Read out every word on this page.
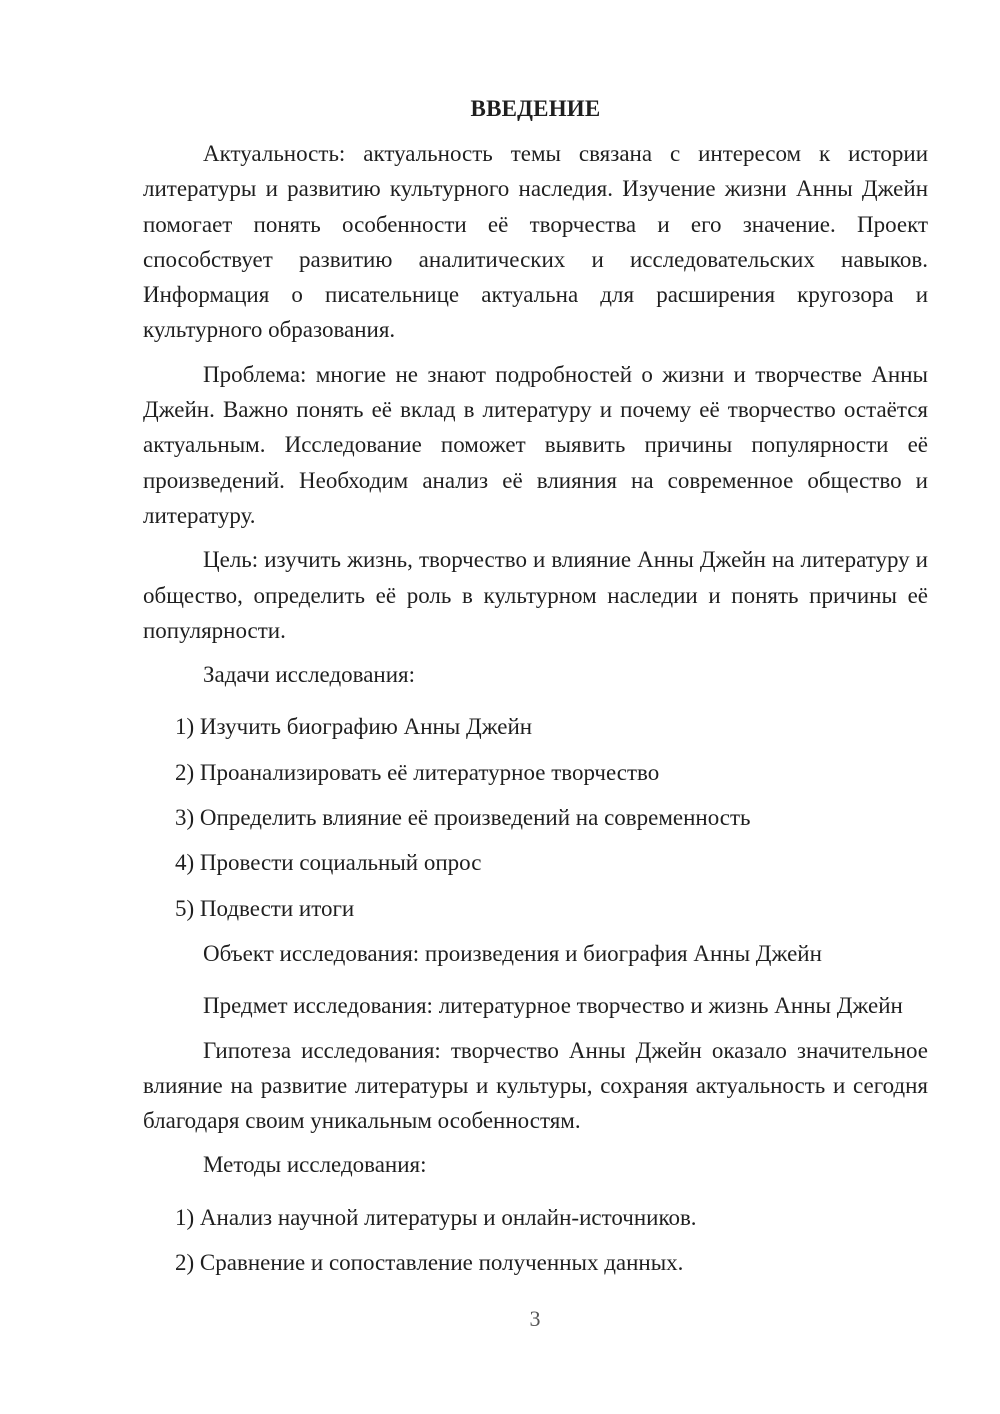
ВВЕДЕНИЕ

Актуальность: актуальность темы связана с интересом к истории литературы и развитию культурного наследия. Изучение жизни Анны Джейн помогает понять особенности её творчества и его значение. Проект способствует развитию аналитических и исследовательских навыков. Информация о писательнице актуальна для расширения кругозора и культурного образования.

Проблема: многие не знают подробностей о жизни и творчестве Анны Джейн. Важно понять её вклад в литературу и почему её творчество остаётся актуальным. Исследование поможет выявить причины популярности её произведений. Необходим анализ её влияния на современное общество и литературу.

Цель: изучить жизнь, творчество и влияние Анны Джейн на литературу и общество, определить её роль в культурном наследии и понять причины её популярности.

Задачи исследования:

1) Изучить биографию Анны Джейн
2) Проанализировать её литературное творчество
3) Определить влияние её произведений на современность
4) Провести социальный опрос
5) Подвести итоги

Объект исследования: произведения и биография Анны Джейн

Предмет исследования: литературное творчество и жизнь Анны Джейн

Гипотеза исследования: творчество Анны Джейн оказало значительное влияние на развитие литературы и культуры, сохраняя актуальность и сегодня благодаря своим уникальным особенностям.

Методы исследования:

1) Анализ научной литературы и онлайн-источников.
2) Сравнение и сопоставление полученных данных.
3
